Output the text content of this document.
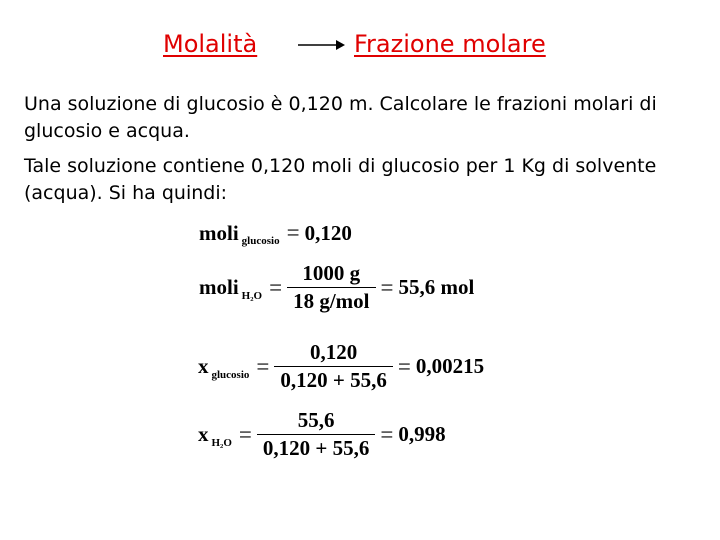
Molalità	Frazione molare

Una soluzione di glucosio è 0,120 m. Calcolare le frazioni molari di glucosio e acqua.

Tale soluzione contiene 0,120 moli di glucosio per 1 Kg di solvente (acqua). Si ha quindi:

moli glucosio = 0,120
moli $H_2O = \frac{1000 g}{\text{18 g/mol}} = 55,6$ mol
x glucosio = $\frac{0,120}{0,120 + 55,6} = 0,00215$
x $H_2O = \frac{55,6}{0,120 + 55,6} = 0,998$
